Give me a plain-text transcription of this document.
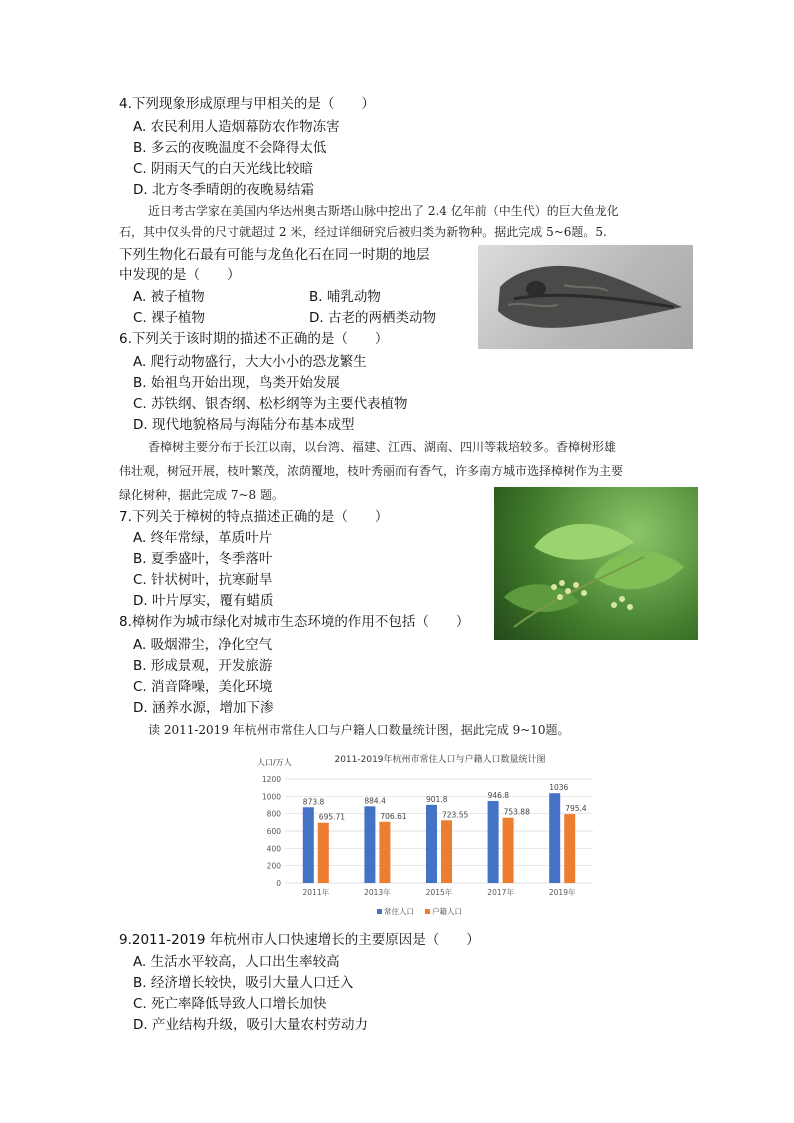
4.下列现象形成原理与甲相关的是（　　）
A. 农民利用人造烟幕防农作物冻害
B. 多云的夜晚温度不会降得太低
C. 阴雨天气的白天光线比较暗
D. 北方冬季晴朗的夜晚易结霜
近日考古学家在美国内华达州奥古斯塔山脉中挖出了 2.4 亿年前（中生代）的巨大鱼龙化
石，其中仅头骨的尺寸就超过 2 米，经过详细研究后被归类为新物种。据此完成 5~6题。5.
下列生物化石最有可能与龙鱼化石在同一时期的地层
中发现的是（　　）
A. 被子植物	B. 哺乳动物
C. 裸子植物	D. 古老的两栖类动物
6.下列关于该时期的描述不正确的是（　　）
A. 爬行动物盛行，大大小小的恐龙繁生
B. 始祖鸟开始出现，鸟类开始发展
C. 苏铁纲、银杏纲、松杉纲等为主要代表植物
D. 现代地貌格局与海陆分布基本成型
香樟树主要分布于长江以南，以台湾、福建、江西、湖南、四川等栽培较多。香樟树形雄
伟壮观，树冠开展，枝叶繁茂，浓荫覆地，枝叶秀丽而有香气，许多南方城市选择樟树作为主要
绿化树种，据此完成 7~8 题。
7.下列关于樟树的特点描述正确的是（　　）
A. 终年常绿，革质叶片
B. 夏季盛叶，冬季落叶
C. 针状树叶，抗寒耐旱
D. 叶片厚实，覆有蜡质
8.樟树作为城市绿化对城市生态环境的作用不包括（　　）
A. 吸烟滞尘，净化空气
B. 形成景观，开发旅游
C. 消音降噪，美化环境
D. 涵养水源，增加下渗
读 2011-2019 年杭州市常住人口与户籍人口数量统计图，据此完成 9~10题。
人口/万人	2011-2019年杭州市常住人口与户籍人口数量统计图
0
200
400
600
800
1000
1200
873.8
695.71
884.4
706.61
901.8
723.55
946.8
753.88
1036
795.4
2011年	2013年	2015年	2017年	2019年
常住人口 户籍人口
9.2011-2019 年杭州市人口快速增长的主要原因是（　　）
A. 生活水平较高，人口出生率较高
B. 经济增长较快，吸引大量人口迁入
C. 死亡率降低导致人口增长加快
D. 产业结构升级，吸引大量农村劳动力
